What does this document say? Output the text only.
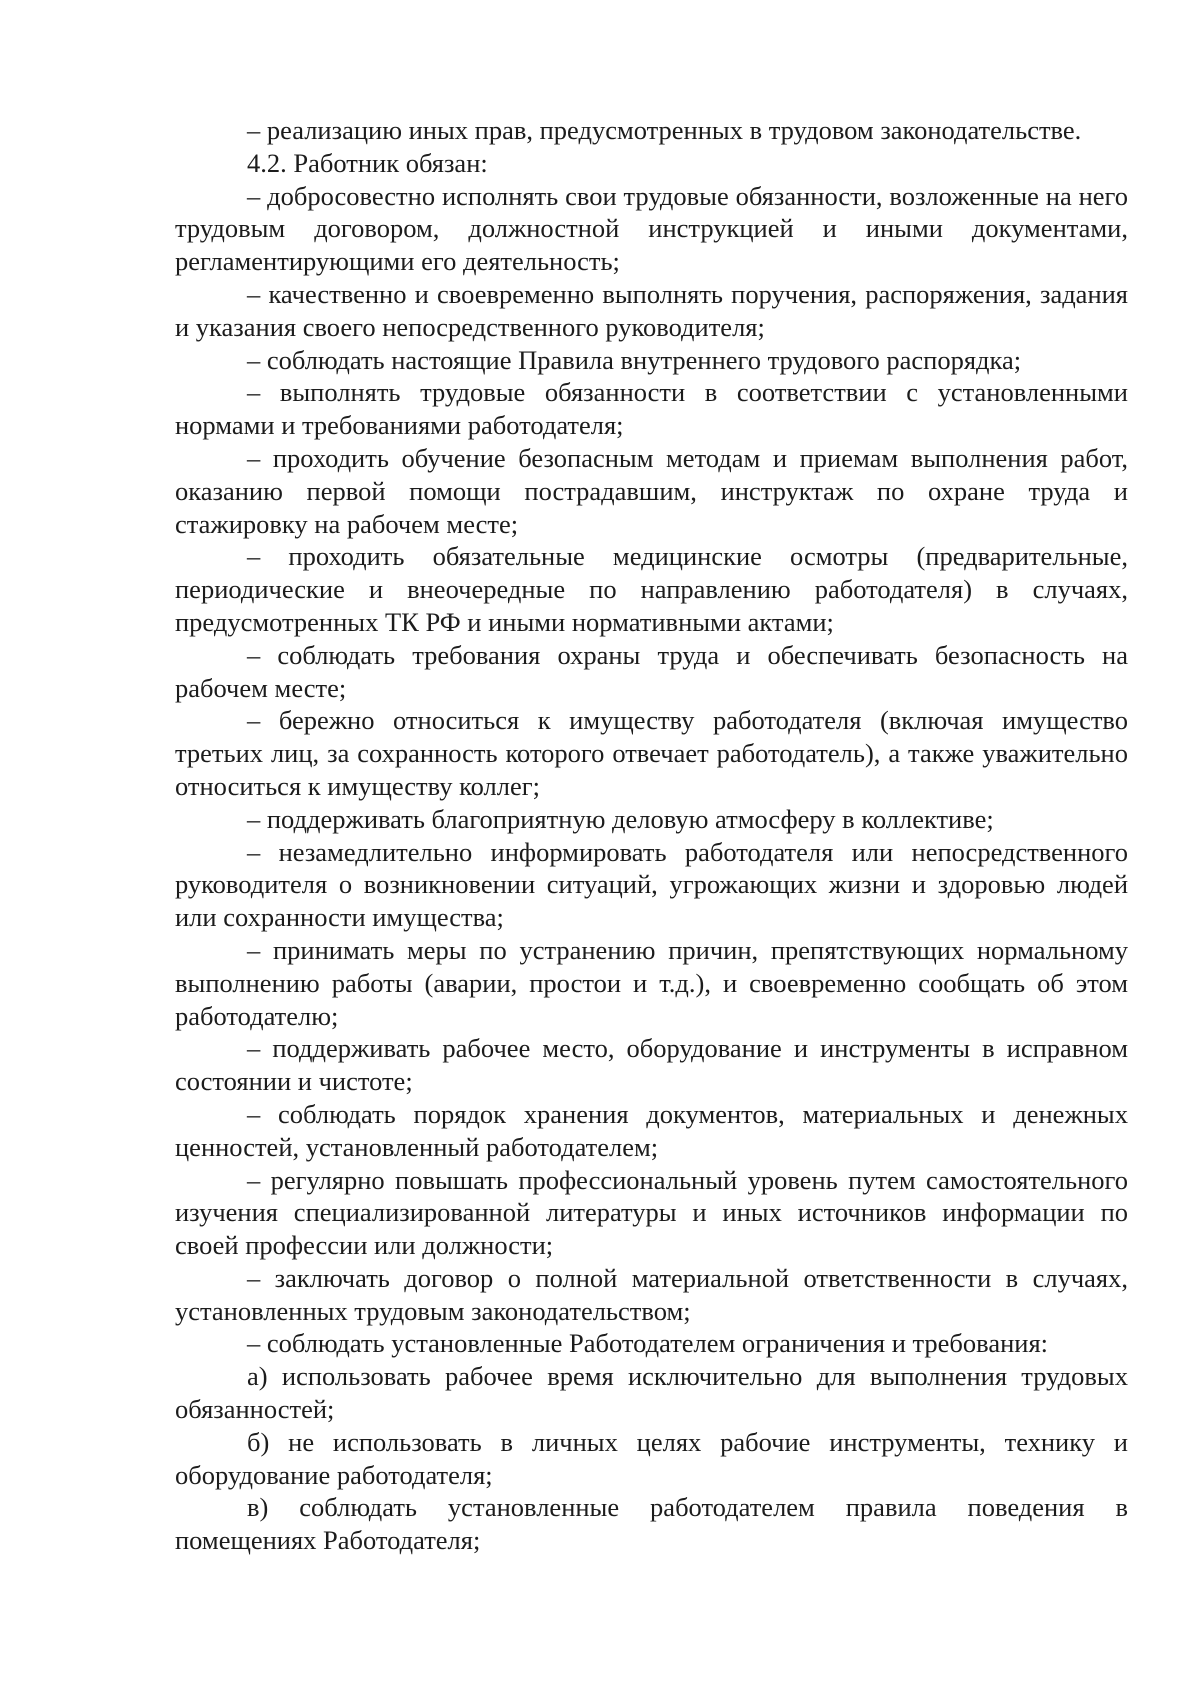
– реализацию иных прав, предусмотренных в трудовом законодательстве.

4.2. Работник обязан:

– добросовестно исполнять свои трудовые обязанности, возложенные на него трудовым договором, должностной инструкцией и иными документами, регламентирующими его деятельность;

– качественно и своевременно выполнять поручения, распоряжения, задания и указания своего непосредственного руководителя;

– соблюдать настоящие Правила внутреннего трудового распорядка;

– выполнять трудовые обязанности в соответствии с установленными нормами и требованиями работодателя;

– проходить обучение безопасным методам и приемам выполнения работ, оказанию первой помощи пострадавшим, инструктаж по охране труда и стажировку на рабочем месте;

– проходить обязательные медицинские осмотры (предварительные, периодические и внеочередные по направлению работодателя) в случаях, предусмотренных ТК РФ и иными нормативными актами;

– соблюдать требования охраны труда и обеспечивать безопасность на рабочем месте;

– бережно относиться к имуществу работодателя (включая имущество третьих лиц, за сохранность которого отвечает работодатель), а также уважительно относиться к имуществу коллег;

– поддерживать благоприятную деловую атмосферу в коллективе;

– незамедлительно информировать работодателя или непосредственного руководителя о возникновении ситуаций, угрожающих жизни и здоровью людей или сохранности имущества;

– принимать меры по устранению причин, препятствующих нормальному выполнению работы (аварии, простои и т.д.), и своевременно сообщать об этом работодателю;

– поддерживать рабочее место, оборудование и инструменты в исправном состоянии и чистоте;

– соблюдать порядок хранения документов, материальных и денежных ценностей, установленный работодателем;

– регулярно повышать профессиональный уровень путем самостоятельного изучения специализированной литературы и иных источников информации по своей профессии или должности;

– заключать договор о полной материальной ответственности в случаях, установленных трудовым законодательством;

– соблюдать установленные Работодателем ограничения и требования:

а) использовать рабочее время исключительно для выполнения трудовых обязанностей;

б) не использовать в личных целях рабочие инструменты, технику и оборудование работодателя;

в) соблюдать установленные работодателем правила поведения в помещениях Работодателя;
